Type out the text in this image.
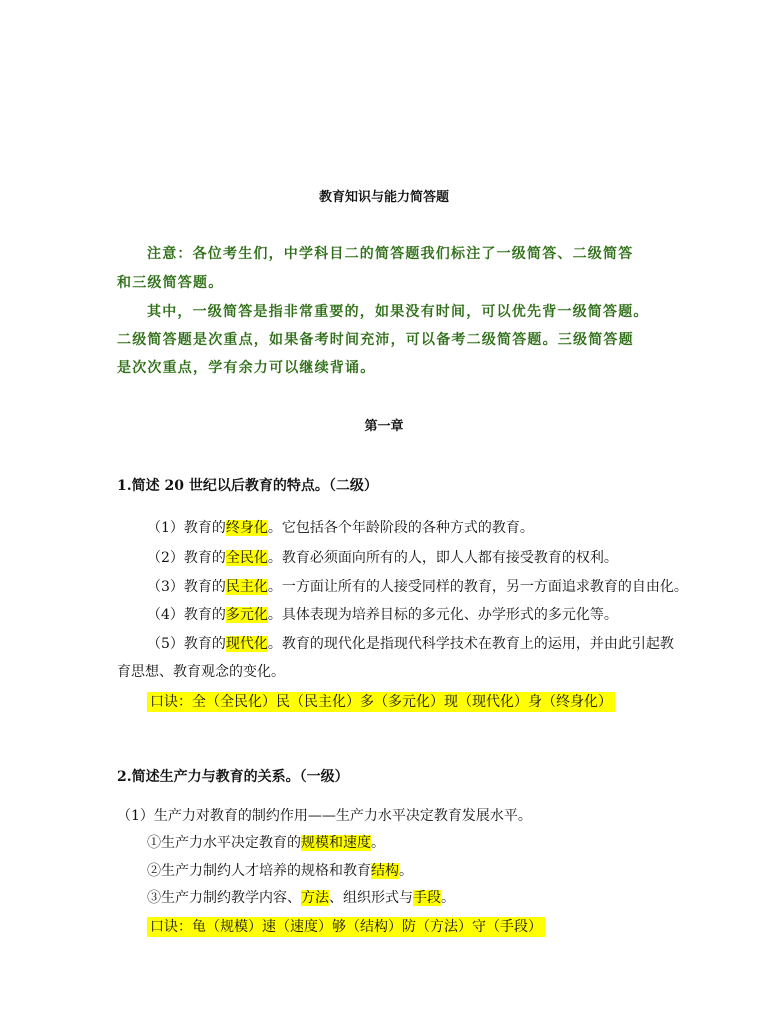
教育知识与能力简答题
注意：各位考生们，中学科目二的简答题我们标注了一级简答、二级简答
和三级简答题。
其中，一级简答是指非常重要的，如果没有时间，可以优先背一级简答题。
二级简答题是次重点，如果备考时间充沛，可以备考二级简答题。三级简答题
是次次重点，学有余力可以继续背诵。
第一章
1.简述 20 世纪以后教育的特点。（二级）
（1）教育的终身化。它包括各个年龄阶段的各种方式的教育。
（2）教育的全民化。教育必须面向所有的人，即人人都有接受教育的权利。
（3）教育的民主化。一方面让所有的人接受同样的教育，另一方面追求教育的自由化。
（4）教育的多元化。具体表现为培养目标的多元化、办学形式的多元化等。
（5）教育的现代化。教育的现代化是指现代科学技术在教育上的运用，并由此引起教
育思想、教育观念的变化。
口诀：全（全民化）民（民主化）多（多元化）现（现代化）身（终身化）
2.简述生产力与教育的关系。（一级）
（1）生产力对教育的制约作用——生产力水平决定教育发展水平。
①生产力水平决定教育的规模和速度。
②生产力制约人才培养的规格和教育结构。
③生产力制约教学内容、方法、组织形式与手段。
口诀：龟（规模）速（速度）够（结构）防（方法）守（手段）
